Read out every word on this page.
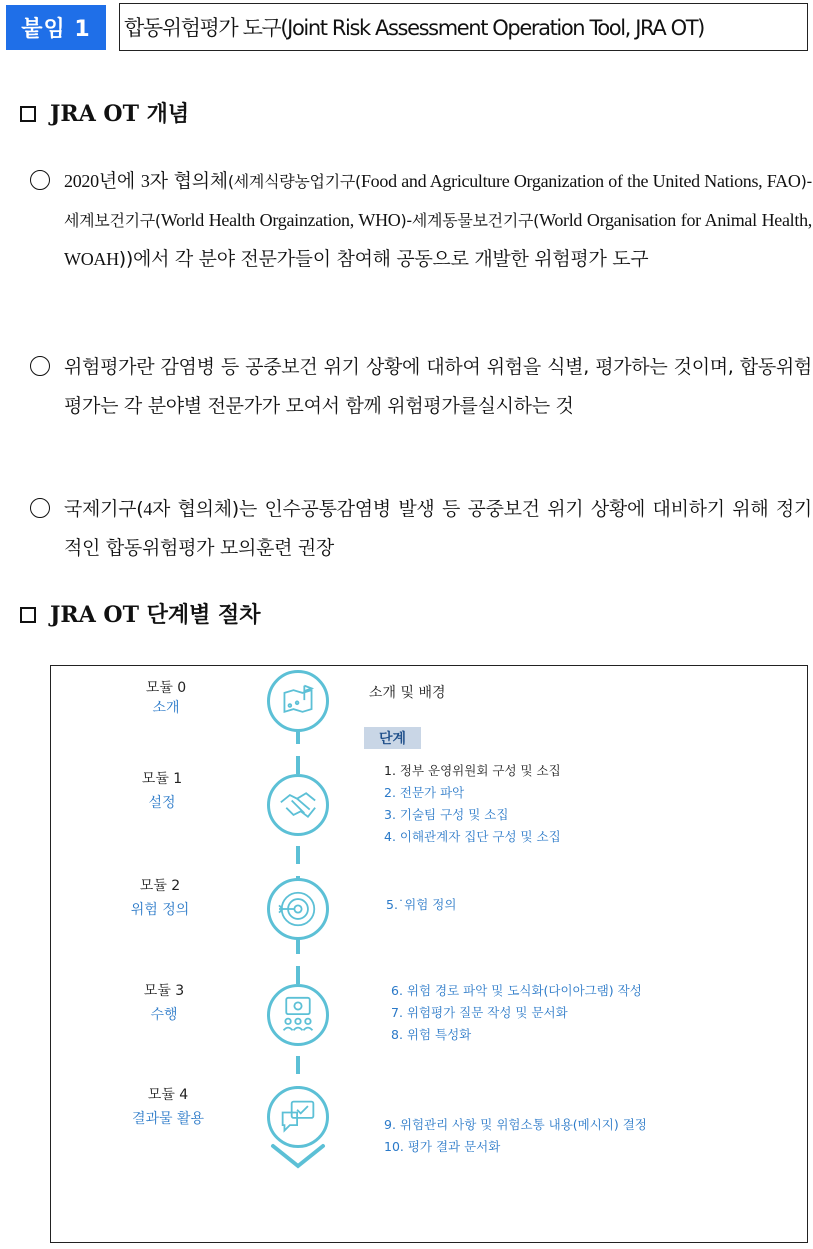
붙임 1	합동위험평가 도구(Joint Risk Assessment Operation Tool, JRA OT)
JRA OT 개념
2020년에 3자 협의체(세계식량농업기구(Food and Agriculture Organization of the United Nations, FAO)-세계보건기구(World Health Orgainzation, WHO)-세계동물보건기구(World Organisation for Animal Health, WOAH))에서 각 분야 전문가들이 참여해 공동으로 개발한 위험평가 도구
위험평가란 감염병 등 공중보건 위기 상황에 대하여 위험을 식별, 평가하는 것이며, 합동위험평가는 각 분야별 전문가가 모여서 함께 위험평가를실시하는 것
국제기구(4자 협의체)는 인수공통감염병 발생 등 공중보건 위기 상황에 대비하기 위해 정기적인 합동위험평가 모의훈련 권장
JRA OT 단계별 절차
모듈 0
소개
모듈 1
설정
모듈 2
위험 정의
모듈 3
수행
모듈 4
결과물 활용
소개 및 배경
단계
1. 정부 운영위원회 구성 및 소집
2. 전문가 파악
3. 기술팀 구성 및 소집
4. 이해관계자 집단 구성 및 소집
5.˙위험 정의
6. 위험 경로 파악 및 도식화(다이아그램) 작성
7. 위험평가 질문 작성 및 문서화
8. 위험 특성화
9. 위험관리 사항 및 위험소통 내용(메시지) 결정
10. 평가 결과 문서화
